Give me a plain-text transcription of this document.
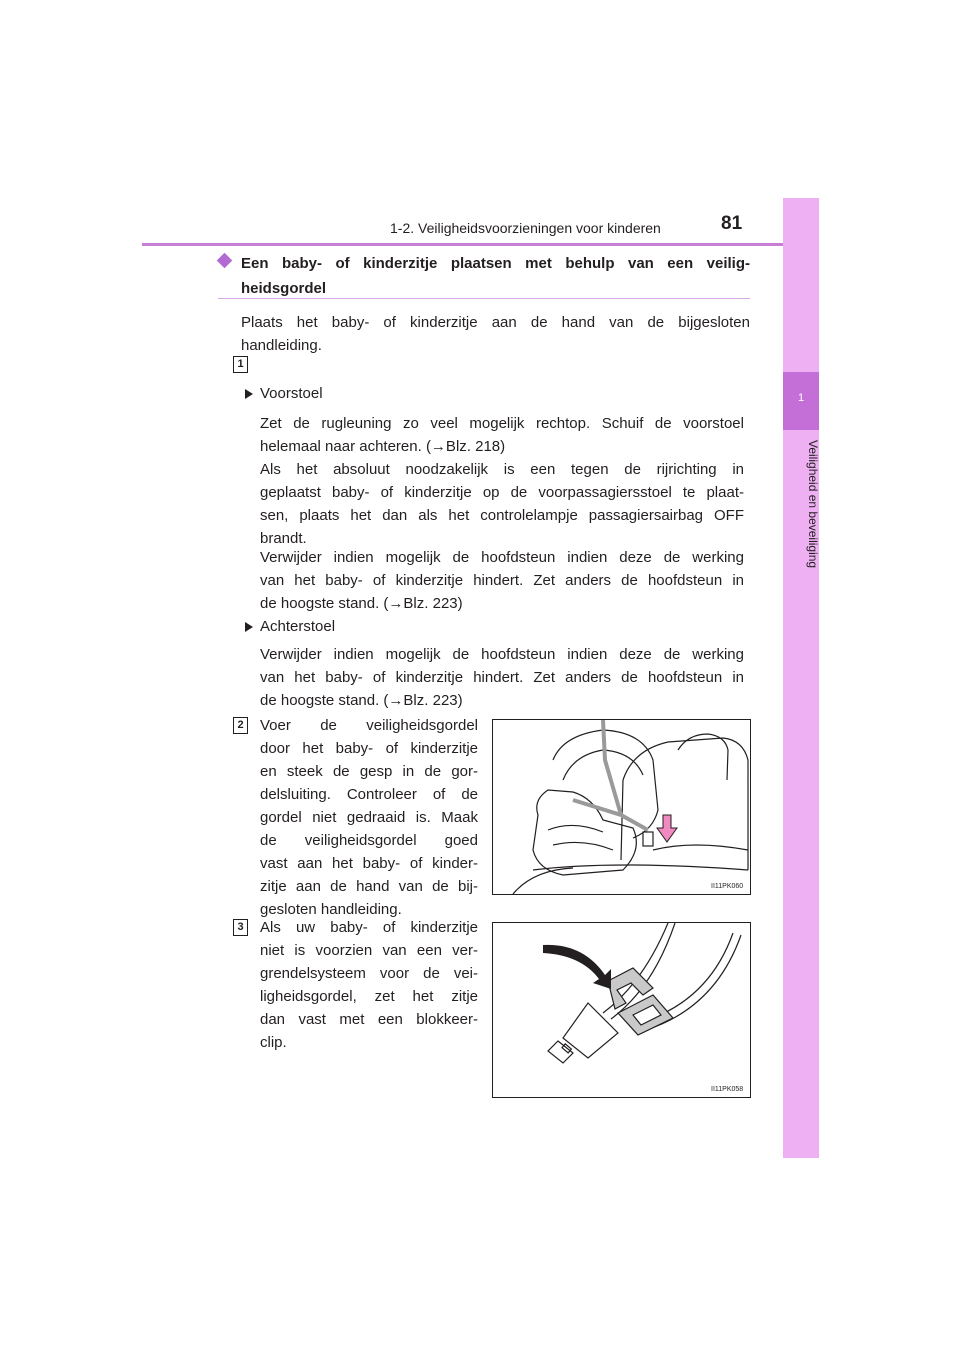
1-2. Veiligheidsvoorzieningen voor kinderen	81
1
Veiligheid en beveiliging
Een baby- of kinderzitje plaatsen met behulp van een veilig-
heidsgordel
Plaats het baby- of kinderzitje aan de hand van de bijgesloten
handleiding.
1
Voorstoel
Zet de rugleuning zo veel mogelijk rechtop. Schuif de voorstoel
helemaal naar achteren. (→Blz. 218)
Als het absoluut noodzakelijk is een tegen de rijrichting in
geplaatst baby- of kinderzitje op de voorpassagiersstoel te plaat-
sen, plaats het dan als het controlelampje passagiersairbag OFF
brandt.
Verwijder indien mogelijk de hoofdsteun indien deze de werking
van het baby- of kinderzitje hindert. Zet anders de hoofdsteun in
de hoogste stand. (→Blz. 223)
Achterstoel
Verwijder indien mogelijk de hoofdsteun indien deze de werking
van het baby- of kinderzitje hindert. Zet anders de hoofdsteun in
de hoogste stand. (→Blz. 223)
2 Voer de veiligheidsgordel
door het baby- of kinderzitje
en steek de gesp in de gor-
delsluiting. Controleer of de
gordel niet gedraaid is. Maak
de veiligheidsgordel goed
vast aan het baby- of kinder-
zitje aan de hand van de bij-
gesloten handleiding.
II11PK060
3 Als uw baby- of kinderzitje
niet is voorzien van een ver-
grendelsysteem voor de vei-
ligheidsgordel, zet het zitje
dan vast met een blokkeer-
clip.
II11PK058
